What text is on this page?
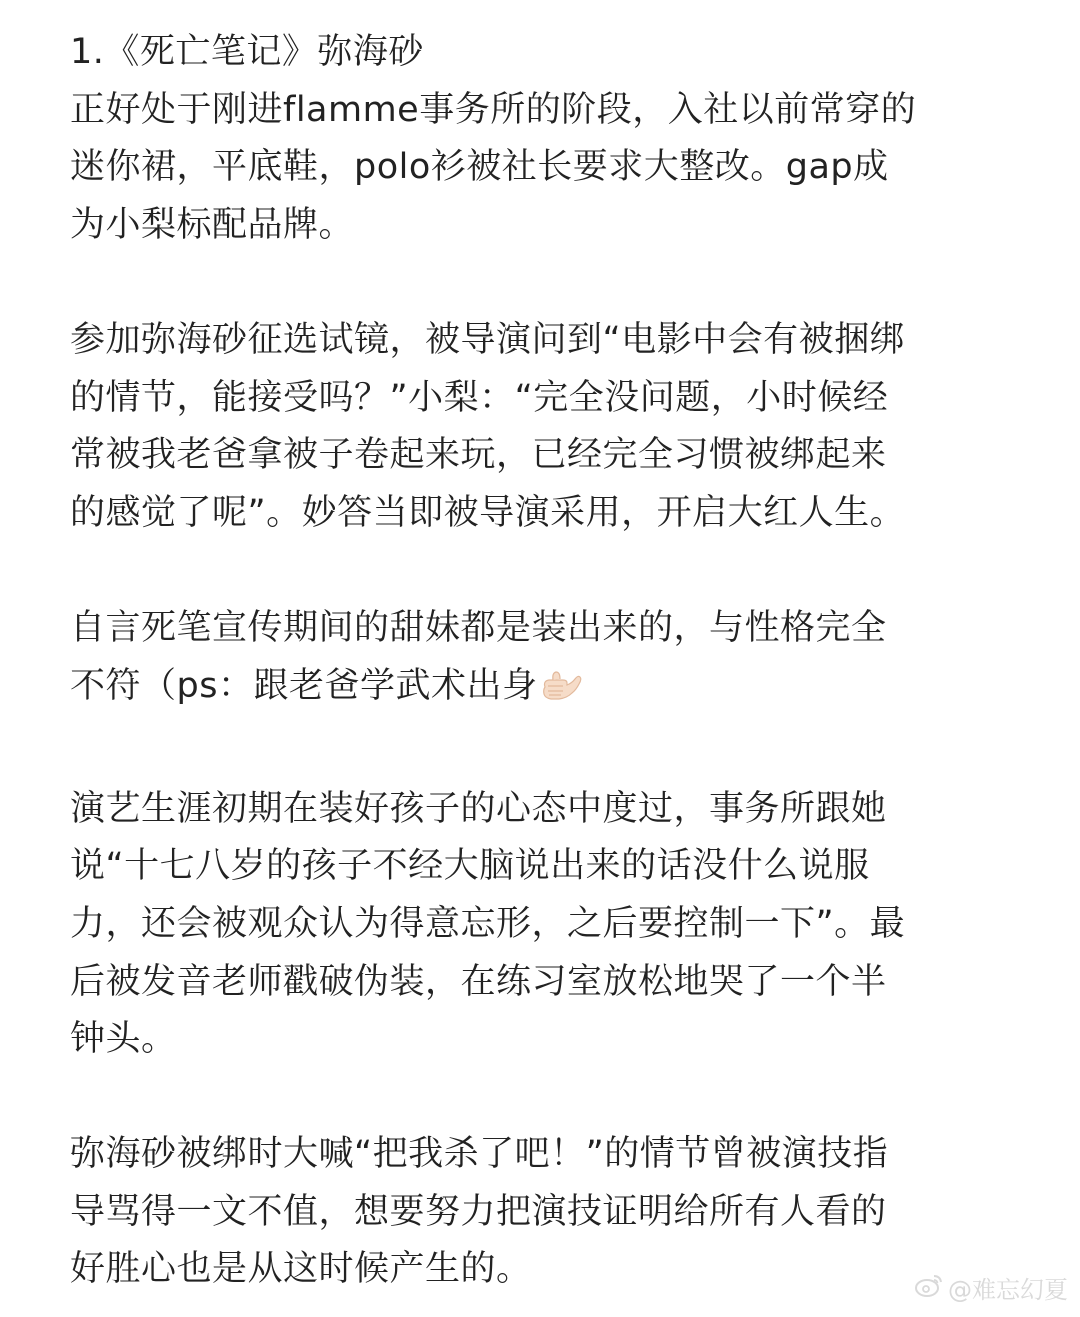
1.《死亡笔记》弥海砂
正好处于刚进flamme事务所的阶段，入社以前常穿的
迷你裙，平底鞋，polo衫被社长要求大整改。gap成
为小梨标配品牌。
参加弥海砂征选试镜，被导演问到“电影中会有被捆绑
的情节，能接受吗？”小梨：“完全没问题，小时候经
常被我老爸拿被子卷起来玩，已经完全习惯被绑起来
的感觉了呢”。妙答当即被导演采用，开启大红人生。
自言死笔宣传期间的甜妹都是装出来的，与性格完全
不符（ps：跟老爸学武术出身
演艺生涯初期在装好孩子的心态中度过，事务所跟她
说“十七八岁的孩子不经大脑说出来的话没什么说服
力，还会被观众认为得意忘形，之后要控制一下”。最
后被发音老师戳破伪装，在练习室放松地哭了一个半
钟头。
弥海砂被绑时大喊“把我杀了吧！”的情节曾被演技指
导骂得一文不值，想要努力把演技证明给所有人看的
好胜心也是从这时候产生的。
@难忘幻夏
